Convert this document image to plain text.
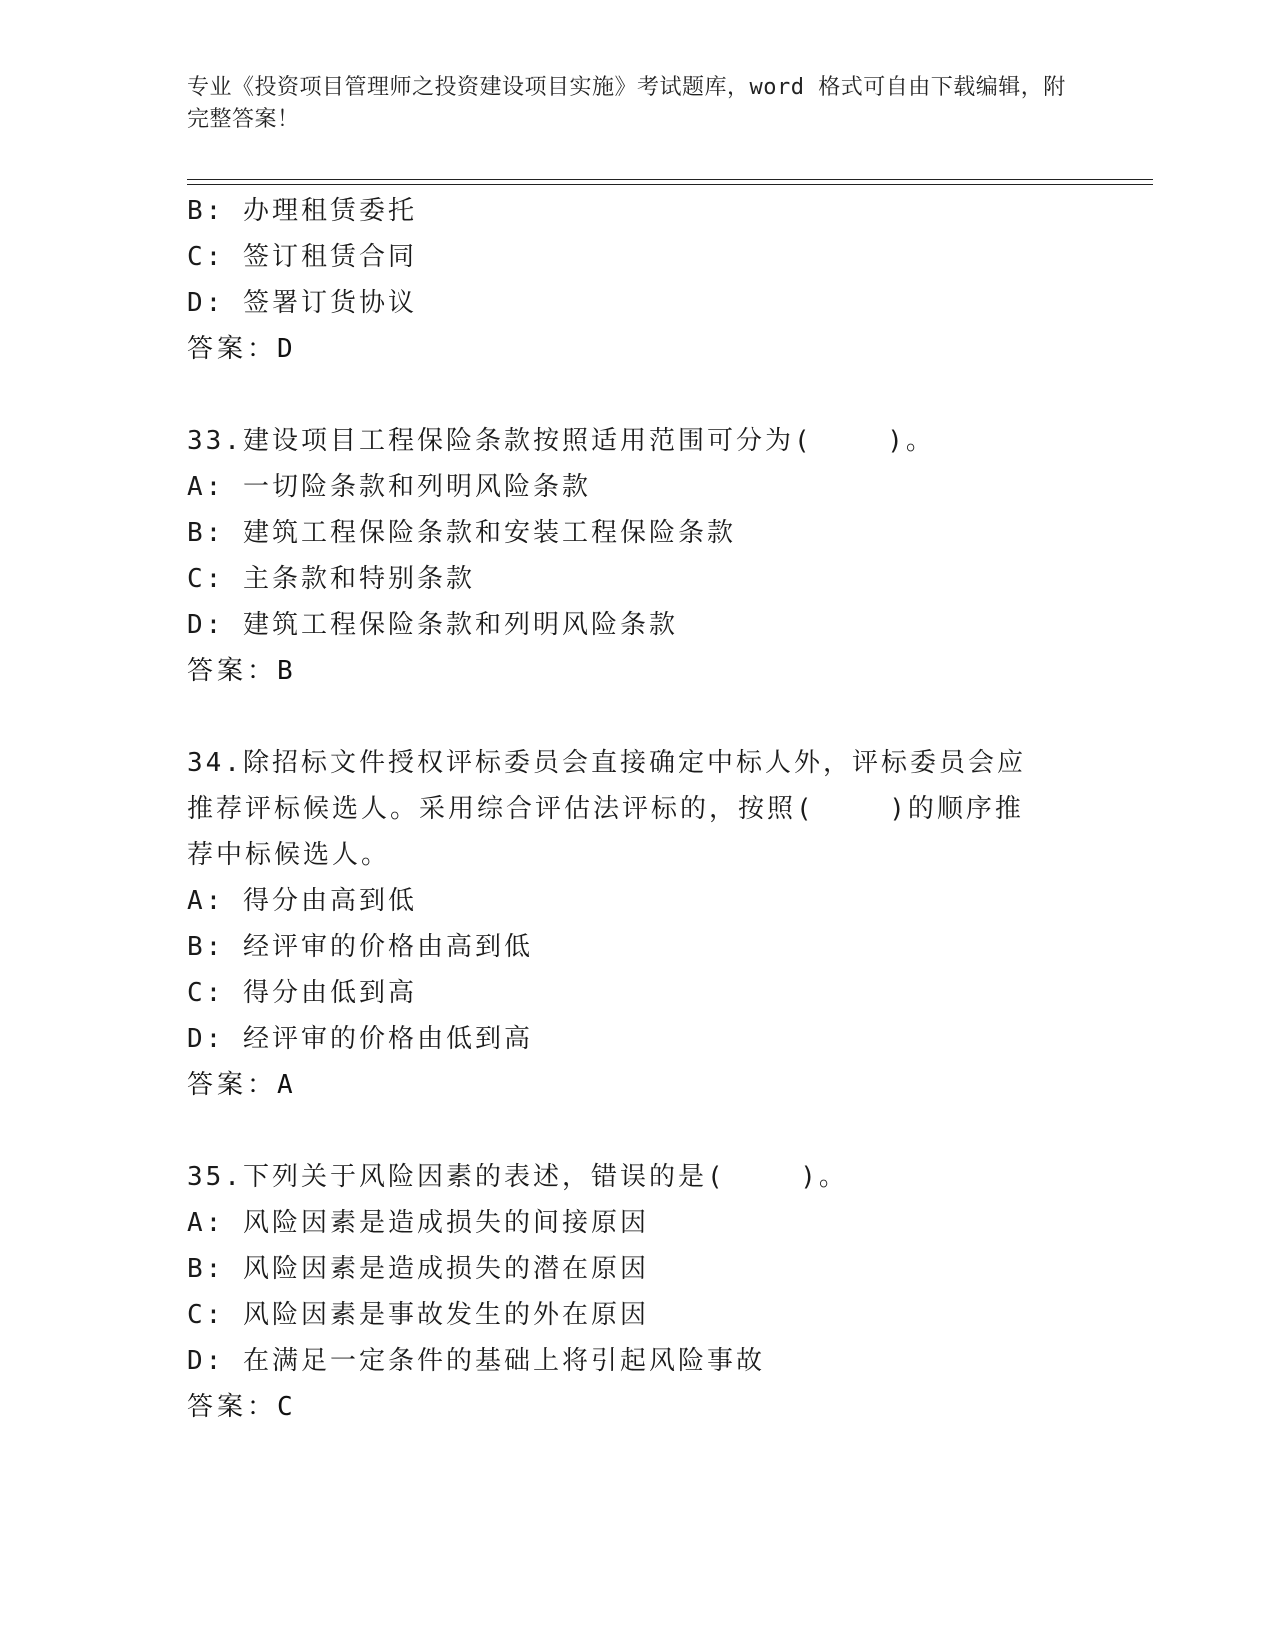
专业《投资项目管理师之投资建设项目实施》考试题库，word 格式可自由下载编辑，附完整答案！
B: 办理租赁委托
C: 签订租赁合同
D: 签署订货协议
答案：D
33.建设项目工程保险条款按照适用范围可分为(    )。
A: 一切险条款和列明风险条款
B: 建筑工程保险条款和安装工程保险条款
C: 主条款和特别条款
D: 建筑工程保险条款和列明风险条款
答案：B
34.除招标文件授权评标委员会直接确定中标人外，评标委员会应推荐评标候选人。采用综合评估法评标的，按照(    )的顺序推荐中标候选人。
A: 得分由高到低
B: 经评审的价格由高到低
C: 得分由低到高
D: 经评审的价格由低到高
答案：A
35.下列关于风险因素的表述，错误的是(    )。
A: 风险因素是造成损失的间接原因
B: 风险因素是造成损失的潜在原因
C: 风险因素是事故发生的外在原因
D: 在满足一定条件的基础上将引起风险事故
答案：C
